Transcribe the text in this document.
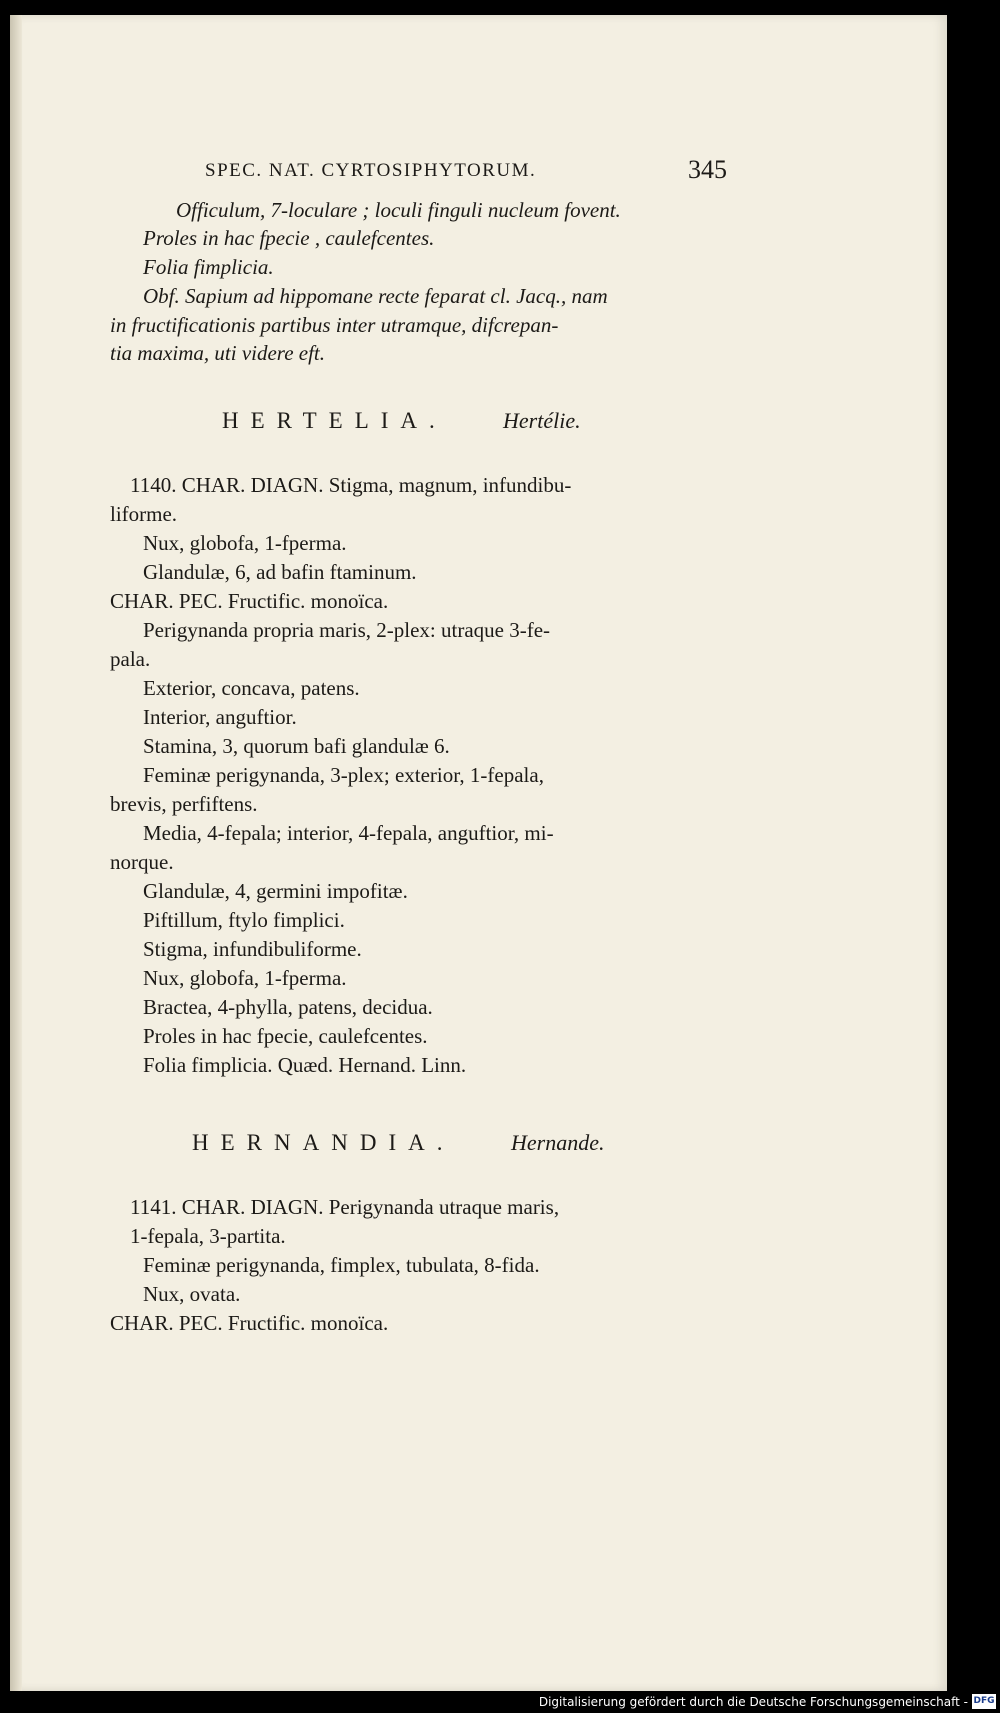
SPEC. NAT. CYRTOSIPHYTORUM.	345
Officulum, 7-loculare ; loculi finguli nucleum fovent.
Proles in hac fpecie , caulefcentes.
Folia fimplicia.
Obf. Sapium ad hippomane recte feparat cl. Jacq., nam
in fructificationis partibus inter utramque, difcrepan-
tia maxima, uti videre eft.
HERTELIA.	Hertélie.
1140. CHAR. DIAGN. Stigma, magnum, infundibu-
liforme.
Nux, globofa, 1-fperma.
Glandulæ, 6, ad bafin ftaminum.
CHAR. PEC. Fructific. monoïca.
Perigynanda propria maris, 2-plex: utraque 3-fe-
pala.
Exterior, concava, patens.
Interior, anguftior.
Stamina, 3, quorum bafi glandulæ 6.
Feminæ perigynanda, 3-plex; exterior, 1-fepala,
brevis, perfiftens.
Media, 4-fepala; interior, 4-fepala, anguftior, mi-
norque.
Glandulæ, 4, germini impofitæ.
Piftillum, ftylo fimplici.
Stigma, infundibuliforme.
Nux, globofa, 1-fperma.
Bractea, 4-phylla, patens, decidua.
Proles in hac fpecie, caulefcentes.
Folia fimplicia. Quæd. Hernand. Linn.
HERNANDIA.	Hernande.
1141. CHAR. DIAGN. Perigynanda utraque maris,
1-fepala, 3-partita.
Feminæ perigynanda, fimplex, tubulata, 8-fida.
Nux, ovata.
CHAR. PEC. Fructific. monoïca.
Digitalisierung gefördert durch die Deutsche Forschungsgemeinschaft - DFG
